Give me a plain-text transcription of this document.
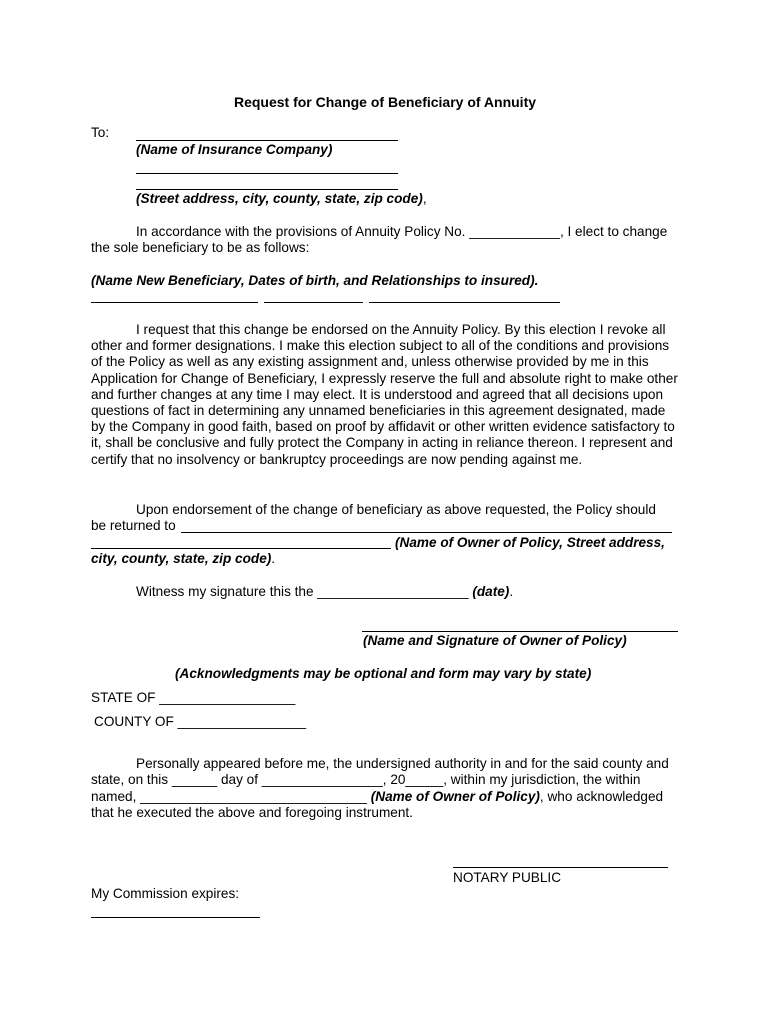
Request for Change of Beneficiary of Annuity
To:
(Name of Insurance Company)
(Street address, city, county, state, zip code),
In accordance with the provisions of Annuity Policy No. ____________, I elect to change the sole beneficiary to be as follows:
(Name New Beneficiary, Dates of birth, and Relationships to insured).
I request that this change be endorsed on the Annuity Policy. By this election I revoke all other and former designations. I make this election subject to all of the conditions and provisions of the Policy as well as any existing assignment and, unless otherwise provided by me in this Application for Change of Beneficiary, I expressly reserve the full and absolute right to make other and further changes at any time I may elect. It is understood and agreed that all decisions upon questions of fact in determining any unnamed beneficiaries in this agreement designated, made by the Company in good faith, based on proof by affidavit or other written evidence satisfactory to it, shall be conclusive and fully protect the Company in acting in reliance thereon. I represent and certify that no insolvency or bankruptcy proceedings are now pending against me.
Upon endorsement of the change of beneficiary as above requested, the Policy should
be returned to
(Name of Owner of Policy, Street address,
city, county, state, zip code).
Witness my signature this the ____________________ (date).
(Name and Signature of Owner of Policy)
(Acknowledgments may be optional and form may vary by state)
STATE OF __________________
COUNTY OF _________________
Personally appeared before me, the undersigned authority in and for the said county and
state, on this ______ day of ________________, 20_____, within my jurisdiction, the within
named, ______________________________ (Name of Owner of Policy), who acknowledged
that he executed the above and foregoing instrument.
NOTARY PUBLIC
My Commission expires:
